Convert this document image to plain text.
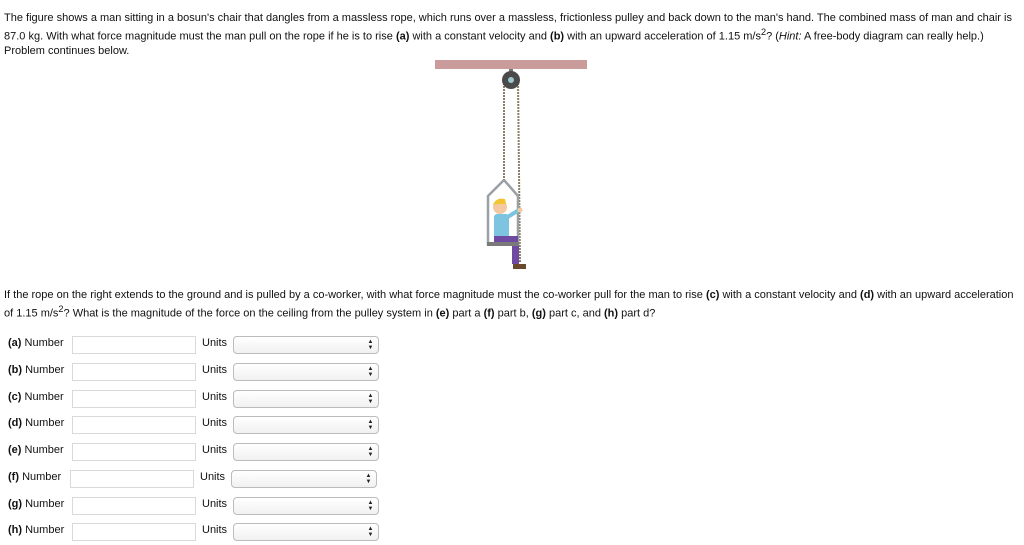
The figure shows a man sitting in a bosun's chair that dangles from a massless rope, which runs over a massless, frictionless pulley and back down to the man's hand. The combined mass of man and chair is 87.0 kg. With what force magnitude must the man pull on the rope if he is to rise (a) with a constant velocity and (b) with an upward acceleration of 1.15 $m/s^2$? (Hint: A free-body diagram can really help.) Problem continues below.

If the rope on the right extends to the ground and is pulled by a co-worker, with what force magnitude must the co-worker pull for the man to rise (c) with a constant velocity and (d) with an upward acceleration of 1.15 $m/s^2$? What is the magnitude of the force on the ceiling from the pulley system in (e) part a (f) part b, (g) part c, and (h) part d?

(a) Number	Units	▲
▼
(b) Number	Units	▲
▼
(c) Number	Units	▲
▼
(d) Number	Units	▲
▼
(e) Number	Units	▲
▼
(f) Number	Units	▲
▼
(g) Number	Units	▲
▼
(h) Number	Units	▲
▼
